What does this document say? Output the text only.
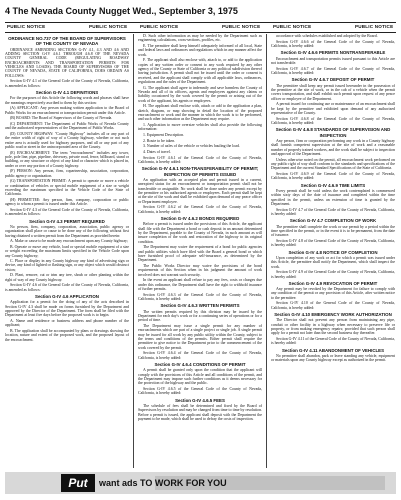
4 The Nevada County Nugget Wed., September 3, 1975
PUBLIC NOTICE	PUBLIC NOTICE	PUBLIC NOTICE	PUBLIC NOTICE	PUBLIC NOTICE	PUBLIC NOTICE
ORDINANCE NO.737 OF THE BOARD OF SUPERVISORS OF THE COUNTY OF NEVADA
ORDINANCE AMENDING SECTIONS G-IV 4.1, 4.3 AND 4.6 AND ADDING SECTION G-IV 4.6.1 THROUGH 4.6.8 OF THE NEVADA COUNTY GENERAL CODE (REGULATING ROADWAY ENCROACHMENTS AND TRANSPORTATION PERMITS FOR VEHICLES AND LOADS). THE BOARD OF SUPERVISORS OF THE COUNTY OF NEVADA, STATE OF CALIFORNIA, DOES ORDAIN AS FOLLOWS:
Section G-IV 4.1 of the General Code of the County of Nevada, California, is amended as follows:
Section G-IV 4.1 DEFINITIONS
For the purposes of this Article the following words and phrases shall have the meanings respectively ascribed to them by this section:
(A) APPLICANT: Any person making written application to the Board of Public Works for an encroachment or transportation permit under this Article.
(B) BOARD: The Board of Supervisors of the County of Nevada.
(C) DEPARTMENT: The Department of Public Works of Nevada County and the authorized representatives of the Department of Public Works.
(D) COUNTY HIGHWAY: "County Highway" includes all or any part of the entire width of right of way of a County highway, whether or not such entire area is actually used for highway purposes, and all or any part of any public road or street in the unincorporated area of the County.
(E) ENCROACHMENT: The term "encroachment" includes any tower, pole, pole line, pipe, pipeline, driveway, private road, fence, billboard, stand or building, or any structure or object of any kind or character which is placed in, under or over any portion of a County highway.
(F) PERSON: Any person, firm, copartnership, association, corporation, public agency or organization.
(G) TRANSPORTATION PERMIT: A permit to operate or move a vehicle or combination of vehicles or special mobile equipment of a size or weight exceeding the maximum specified in the Vehicle Code of the State of California.
(H) PERMITTEE: Any person, firm, company, corporation or public agency to whom a permit is issued under this Article.
Section G-IV 4.3 of the General Code of the County of Nevada, California, is amended as follows:
Section G-IV 4.3 PERMIT REQUIRED
No person, firm, company, corporation, association, public agency or organization shall place or cause to be done any of the following without first having obtained a written permit from the Department as provided herein:
A. Make or cause to be made any encroachment upon any County highway;
B. Operate or move any vehicle, load or special mobile equipment of a size or weight exceeding the maximum limits specified in the Vehicle Code upon any County highway;
C. Place or display in any County highway any kind of advertising sign or device, any kind of lighted or flashing sign, or any object which would obstruct vision;
D. Plant, remove, cut or trim any tree, shrub or other planting within the right of way of any County highway.
Section G-IV 4.6 of the General Code of the County of Nevada, California, is amended as follows:
Section G-IV 4.6 APPLICATION
Application for a permit for the doing of any of the acts described in Section G-IV 4.3 shall be made on forms furnished by the Department and approved by the Director of the Department. The form shall be filed with the Department at least five days before the proposed work is to begin.
A. Name and residence or business address and phone number of the applicant;
B. The application shall be accompanied by plans or drawings showing the location, nature and extent of the proposed work, and the proposed layout of the encroachment.
D. Such other information as may be needed by the Department such as engineering calculations, cross-sections, profiles, etc.
E. The permittee shall keep himself adequately informed of all local, State and federal laws and ordinances and regulations which in any manner affect the work.
F. The applicant shall also enclose with, attach to, or add to the application copies of any written order or consent to any work required by any other agency of the County or State of California or any political subdivision thereof having jurisdiction. A permit shall not be issued until the order or consent is received, and the applicant shall comply with all applicable laws, ordinances, regulations and the rules of the Department.
G. The applicant shall agree to indemnify and save harmless the County of Nevada and all of its officers, agents and employees against any claims or liability occasioned by the work covered by the permit or arising out of the work of the applicant, his agents or employees.
H. The applicant shall enclose with, attach or add to the application a plan, sketch, diagram, or map showing in detail the location of the proposed encroachment or work and the manner in which the work is to be performed, and such other information as the Department may require.
1. Application to move oversize vehicles shall also provide the following information:
1. Equipment Description.
2. Route to be taken.
3. Number of axles of the vehicle or vehicles hauling the load.
4. Dates of travel.
Section G-IV 4.6.1 of the General Code of the County of Nevada, California, is hereby added:
Section G-IV 4.6.1 NON-TRANSFERABILITY OF PERMIT; INSPECTION OF PERMITS ISSUED
An application with an accepted plan and permit issued in a current, unexpired status for an encroachment or transportation permit shall not be transferable or assignable. No work shall be done under any permit except by the permittee or his authorized agents or employees. Each permit shall be kept at the site of the work and shall be exhibited upon demand of any peace officer or Department employee.
Section G-IV 4.6.2 of the General Code of the County of Nevada, California, is hereby added:
Section G-IV 4.6.2 BONDS REQUIRED
Before a permit is issued under the provisions of this Article, the applicant shall file with the Department a bond or cash deposit in an amount determined by the Department, payable to the County of Nevada, in such amount as will insure completion of the work and restoration of the highway to its original condition.
The Department may waive the requirement of a bond for public agencies and public utilities which have filed with the Board a general bond or which have furnished proof of adequate self-insurance, as determined by the Department.
The Public Works Director may waive the provisions of the bond requirements of this Section when in his judgment the amount of work involved does not warrant such security.
In the event an applicant shall refuse to pay any fees, costs or charges due under this ordinance, the Department shall have the right to withhold issuance of further permits.
Section G-IV 4.6.3 of the General Code of the County of Nevada, California, is hereby added:
Section G-IV 4.6.3 WRITTEN PERMITS
The written permits required by this division may be issued by the Department for each day's work or for a continuing series of operations or for a period of time.
The Department may issue a single permit for any number of encroachments which are part of a single project or single job. A single permit may be issued for all work by any public utility within the County, subject to the terms and conditions of the permits. Either permit shall require the permittee to give notice to the Department prior to the commencement of the work covered by the permit.
Section G-IV 4.6.4 of the General Code of the County of Nevada, California, is hereby added:
Section G-IV 4.6.4 CONDITIONS OF PERMIT
A permit shall be granted only upon the condition that the applicant will comply with the provisions of this Article and all conditions of the permit, and the Department may impose such further conditions as it deems necessary for the protection of the highway and the public.
Section G-IV 4.6.5 of the General Code of the County of Nevada, California, is hereby added:
Section G-IV 4.6.5 FEES
The schedule of fees shall be determined and fixed by the Board of Supervisors by resolution and may be changed from time to time by resolution. Before a permit is issued, the applicant shall deposit with the Department the payment to be made, which shall be used to defray the costs of inspection.
accordance with schedules established and adopted by the Board.
Section G-IV 4.6.6 of the General Code of the County of Nevada, California, is hereby added:
Section G-IV 4.6.6 PERMITS NONTRANSFERABLE
Encroachment and transportation permits issued pursuant to this Article are not transferable.
Section G-IV 4.6.7 of the General Code of the County of Nevada, California, is hereby added:
Section G-IV 4.6.7 DEPOSIT OF PERMIT
The permittee shall keep any permit issued hereunder in the possession of the permittee at the site of work, or in the cab of a vehicle when the permit covers transportation, and shall exhibit such permit upon request of any peace officer or employee of the Department.
A permit issued for continuing use or maintenance of an encroachment shall be kept by the permittee and exhibited upon demand of any authorized representative of the County.
Section G-IV 4.6.8 of the General Code of the County of Nevada, California, is hereby added:
Section G-IV 4.6.8 STANDARDS OF SUPERVISION AND INSPECTION
Any person, firm or corporation performing any work in a County highway shall furnish competent supervision at the site of work and a reasonable number of properly trained workers, and the work shall be subject to inspection and approval of the Department.
Unless otherwise noted on the permit, all encroachment work performed on any public right of way shall conform to the standards and specifications of the Department and the current Standard Specifications of the State of California.
Section G-IV 4.6.9 of the General Code of the County of Nevada, California, is hereby added:
Section G-IV 4.6.9 TIME LIMITS
Every permit shall be void unless the work contemplated is commenced within sixty days of the date of issuance and completed within the time specified in the permit, unless an extension of time is granted by the Department.
Section G-IV 4.7 of the General Code of the County of Nevada, California, is hereby added:
Section G-IV 4.7 COMPLETION OF WORK
The permittee shall complete the work or use permit by a period within the time specified in the permit, or in the event it is to be permanent, from the date of issuance.
Section G-IV 4.8 of the General Code of the County of Nevada, California, is hereby added:
Section G-IV 4.8 NOTICE OF COMPLETION
Upon completion of any work or act for which a permit was issued under this Article, the permittee shall notify the Department, which shall inspect the work.
Section G-IV 4.9 of the General Code of the County of Nevada, California, is hereby added:
Section G-IV 4.9 REVOCATION OF PERMIT
Any permit may be revoked by the Department for failure to comply with any condition of the permit or any provision of this Article, after written notice to the permittee.
Section G-IV 4.10 of the General Code of the County of Nevada, California, is hereby added:
Section G-IV 4.10 EMERGENCY WORK AUTHORIZATION
The Director shall not prevent any person from maintaining any pipe, conduit or other facility in a highway when necessary to preserve life or property, or from making emergency repairs; provided that such person shall apply for a permit not later than the second business day thereafter.
Section G-IV 4.11 of the General Code of the County of Nevada, California, is hereby added:
Section G-IV 4.11 ABANDONMENT OF VEHICLES
No permittee shall abandon, park or leave standing any vehicle, equipment or materials upon any County highway except as authorized in the permit.
Put	want ads TO WORK FOR YOU
